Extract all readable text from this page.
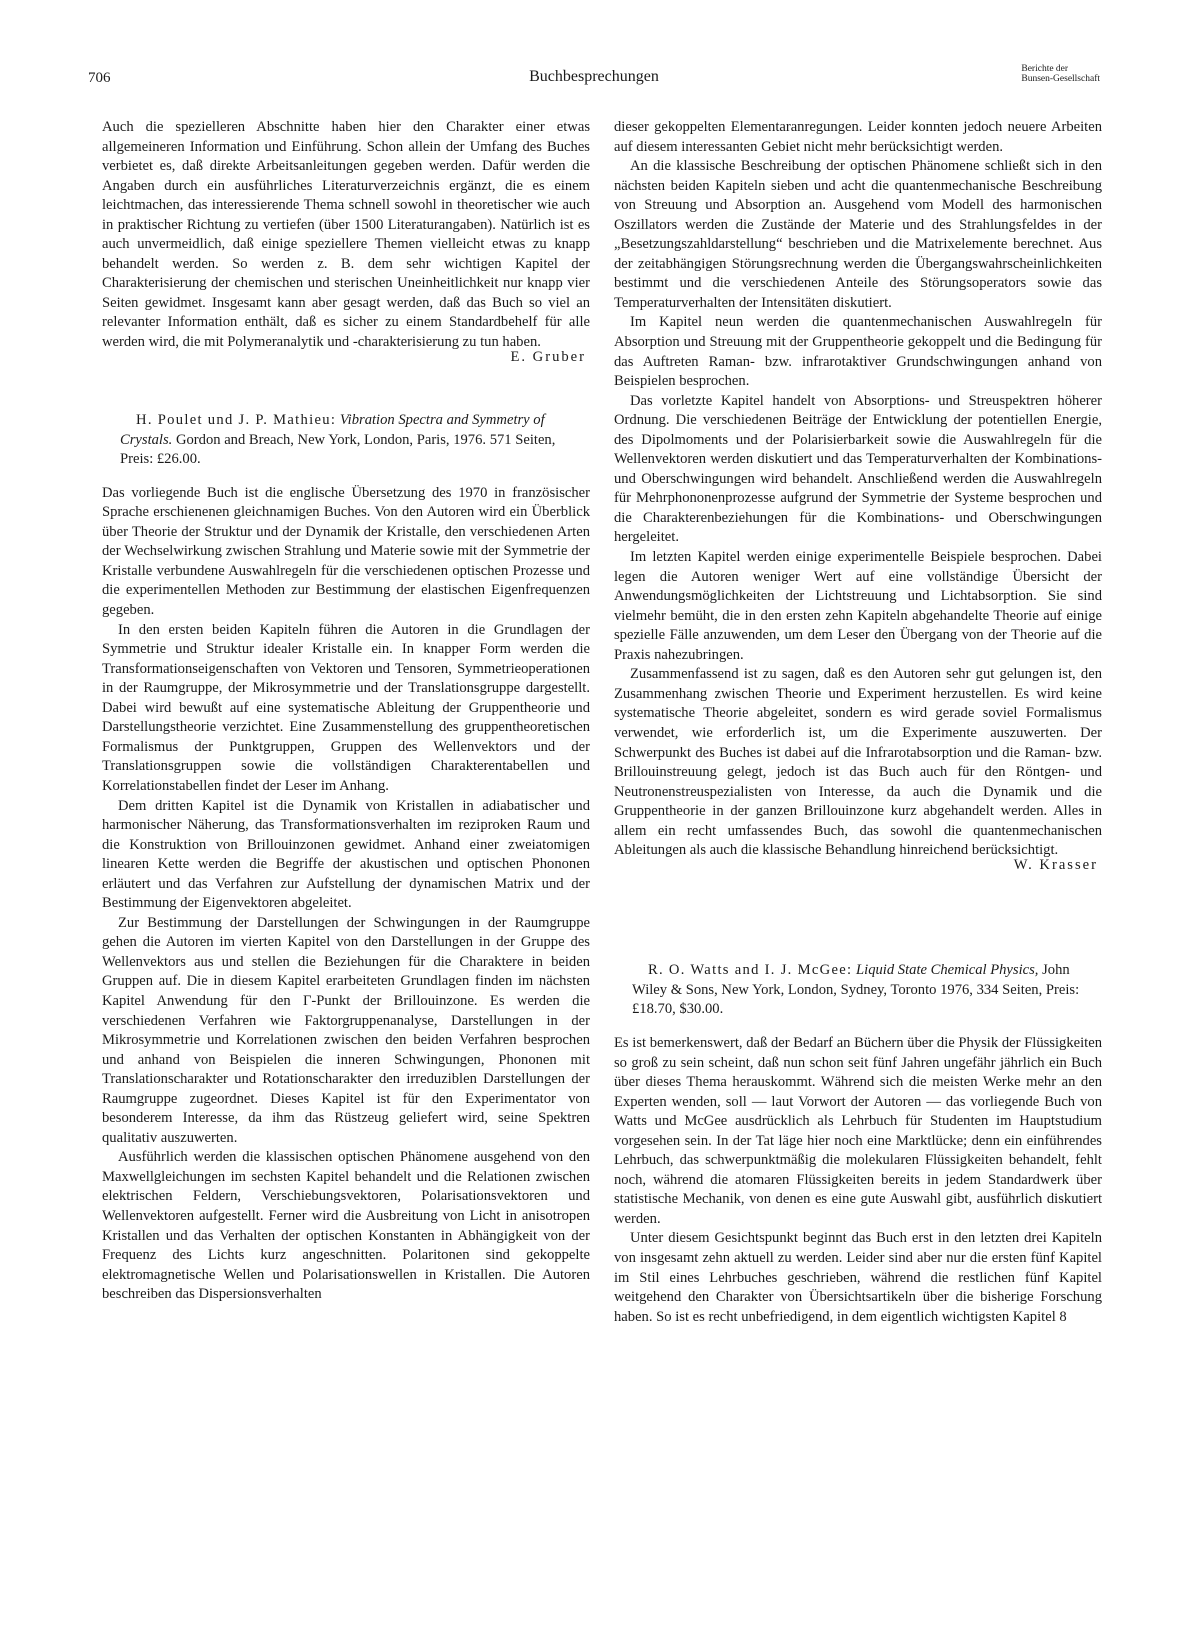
706	Buchbesprechungen	Berichte der
Bunsen-Gesellschaft

Auch die spezielleren Abschnitte haben hier den Charakter einer etwas allgemeineren Information und Einführung. Schon allein der Umfang des Buches verbietet es, daß direkte Arbeitsanleitungen gegeben werden. Dafür werden die Angaben durch ein ausführliches Literaturverzeichnis ergänzt, die es einem leichtmachen, das interessierende Thema schnell sowohl in theoretischer wie auch in praktischer Richtung zu vertiefen (über 1500 Literaturangaben). Natürlich ist es auch unvermeidlich, daß einige speziellere Themen vielleicht etwas zu knapp behandelt werden. So werden z. B. dem sehr wichtigen Kapitel der Charakterisierung der chemischen und sterischen Uneinheitlichkeit nur knapp vier Seiten gewidmet. Insgesamt kann aber gesagt werden, daß das Buch so viel an relevanter Information enthält, daß es sicher zu einem Standardbehelf für alle werden wird, die mit Polymeranalytik und -charakterisierung zu tun haben.

E. Gruber

H. Poulet und J. P. Mathieu: Vibration Spectra and Symmetry of Crystals. Gordon and Breach, New York, London, Paris, 1976. 571 Seiten, Preis: £26.00.

Das vorliegende Buch ist die englische Übersetzung des 1970 in französischer Sprache erschienenen gleichnamigen Buches. Von den Autoren wird ein Überblick über Theorie der Struktur und der Dynamik der Kristalle, den verschiedenen Arten der Wechselwirkung zwischen Strahlung und Materie sowie mit der Symmetrie der Kristalle verbundene Auswahlregeln für die verschiedenen optischen Prozesse und die experimentellen Methoden zur Bestimmung der elastischen Eigenfrequenzen gegeben.

In den ersten beiden Kapiteln führen die Autoren in die Grundlagen der Symmetrie und Struktur idealer Kristalle ein. In knapper Form werden die Transformationseigenschaften von Vektoren und Tensoren, Symmetrieoperationen in der Raumgruppe, der Mikrosymmetrie und der Translationsgruppe dargestellt. Dabei wird bewußt auf eine systematische Ableitung der Gruppentheorie und Darstellungstheorie verzichtet. Eine Zusammenstellung des gruppentheoretischen Formalismus der Punktgruppen, Gruppen des Wellenvektors und der Translationsgruppen sowie die vollständigen Charakterentabellen und Korrelationstabellen findet der Leser im Anhang.

Dem dritten Kapitel ist die Dynamik von Kristallen in adiabatischer und harmonischer Näherung, das Transformationsverhalten im reziproken Raum und die Konstruktion von Brillouinzonen gewidmet. Anhand einer zweiatomigen linearen Kette werden die Begriffe der akustischen und optischen Phononen erläutert und das Verfahren zur Aufstellung der dynamischen Matrix und der Bestimmung der Eigenvektoren abgeleitet.

Zur Bestimmung der Darstellungen der Schwingungen in der Raumgruppe gehen die Autoren im vierten Kapitel von den Darstellungen in der Gruppe des Wellenvektors aus und stellen die Beziehungen für die Charaktere in beiden Gruppen auf. Die in diesem Kapitel erarbeiteten Grundlagen finden im nächsten Kapitel Anwendung für den Γ-Punkt der Brillouinzone. Es werden die verschiedenen Verfahren wie Faktorgruppenanalyse, Darstellungen in der Mikrosymmetrie und Korrelationen zwischen den beiden Verfahren besprochen und anhand von Beispielen die inneren Schwingungen, Phononen mit Translationscharakter und Rotationscharakter den irreduziblen Darstellungen der Raumgruppe zugeordnet. Dieses Kapitel ist für den Experimentator von besonderem Interesse, da ihm das Rüstzeug geliefert wird, seine Spektren qualitativ auszuwerten.

Ausführlich werden die klassischen optischen Phänomene ausgehend von den Maxwellgleichungen im sechsten Kapitel behandelt und die Relationen zwischen elektrischen Feldern, Verschiebungsvektoren, Polarisationsvektoren und Wellenvektoren aufgestellt. Ferner wird die Ausbreitung von Licht in anisotropen Kristallen und das Verhalten der optischen Konstanten in Abhängigkeit von der Frequenz des Lichts kurz angeschnitten. Polaritonen sind gekoppelte elektromagnetische Wellen und Polarisationswellen in Kristallen. Die Autoren beschreiben das Dispersionsverhalten

dieser gekoppelten Elementaranregungen. Leider konnten jedoch neuere Arbeiten auf diesem interessanten Gebiet nicht mehr berücksichtigt werden.

An die klassische Beschreibung der optischen Phänomene schließt sich in den nächsten beiden Kapiteln sieben und acht die quantenmechanische Beschreibung von Streuung und Absorption an. Ausgehend vom Modell des harmonischen Oszillators werden die Zustände der Materie und des Strahlungsfeldes in der „Besetzungszahldarstellung“ beschrieben und die Matrixelemente berechnet. Aus der zeitabhängigen Störungsrechnung werden die Übergangswahrscheinlichkeiten bestimmt und die verschiedenen Anteile des Störungsoperators sowie das Temperaturverhalten der Intensitäten diskutiert.

Im Kapitel neun werden die quantenmechanischen Auswahlregeln für Absorption und Streuung mit der Gruppentheorie gekoppelt und die Bedingung für das Auftreten Raman- bzw. infrarotaktiver Grundschwingungen anhand von Beispielen besprochen.

Das vorletzte Kapitel handelt von Absorptions- und Streuspektren höherer Ordnung. Die verschiedenen Beiträge der Entwicklung der potentiellen Energie, des Dipolmoments und der Polarisierbarkeit sowie die Auswahlregeln für die Wellenvektoren werden diskutiert und das Temperaturverhalten der Kombinations- und Oberschwingungen wird behandelt. Anschließend werden die Auswahlregeln für Mehrphononenprozesse aufgrund der Symmetrie der Systeme besprochen und die Charakterenbeziehungen für die Kombinations- und Oberschwingungen hergeleitet.

Im letzten Kapitel werden einige experimentelle Beispiele besprochen. Dabei legen die Autoren weniger Wert auf eine vollständige Übersicht der Anwendungsmöglichkeiten der Lichtstreuung und Lichtabsorption. Sie sind vielmehr bemüht, die in den ersten zehn Kapiteln abgehandelte Theorie auf einige spezielle Fälle anzuwenden, um dem Leser den Übergang von der Theorie auf die Praxis nahezubringen.

Zusammenfassend ist zu sagen, daß es den Autoren sehr gut gelungen ist, den Zusammenhang zwischen Theorie und Experiment herzustellen. Es wird keine systematische Theorie abgeleitet, sondern es wird gerade soviel Formalismus verwendet, wie erforderlich ist, um die Experimente auszuwerten. Der Schwerpunkt des Buches ist dabei auf die Infrarotabsorption und die Raman- bzw. Brillouinstreuung gelegt, jedoch ist das Buch auch für den Röntgen- und Neutronenstreuspezialisten von Interesse, da auch die Dynamik und die Gruppentheorie in der ganzen Brillouinzone kurz abgehandelt werden. Alles in allem ein recht umfassendes Buch, das sowohl die quantenmechanischen Ableitungen als auch die klassische Behandlung hinreichend berücksichtigt.

W. Krasser

R. O. Watts and I. J. McGee: Liquid State Chemical Physics, John Wiley & Sons, New York, London, Sydney, Toronto 1976, 334 Seiten, Preis: £18.70, $30.00.

Es ist bemerkenswert, daß der Bedarf an Büchern über die Physik der Flüssigkeiten so groß zu sein scheint, daß nun schon seit fünf Jahren ungefähr jährlich ein Buch über dieses Thema herauskommt. Während sich die meisten Werke mehr an den Experten wenden, soll — laut Vorwort der Autoren — das vorliegende Buch von Watts und McGee ausdrücklich als Lehrbuch für Studenten im Hauptstudium vorgesehen sein. In der Tat läge hier noch eine Marktlücke; denn ein einführendes Lehrbuch, das schwerpunktmäßig die molekularen Flüssigkeiten behandelt, fehlt noch, während die atomaren Flüssigkeiten bereits in jedem Standardwerk über statistische Mechanik, von denen es eine gute Auswahl gibt, ausführlich diskutiert werden.

Unter diesem Gesichtspunkt beginnt das Buch erst in den letzten drei Kapiteln von insgesamt zehn aktuell zu werden. Leider sind aber nur die ersten fünf Kapitel im Stil eines Lehrbuches geschrieben, während die restlichen fünf Kapitel weitgehend den Charakter von Übersichtsartikeln über die bisherige Forschung haben. So ist es recht unbefriedigend, in dem eigentlich wichtigsten Kapitel 8
